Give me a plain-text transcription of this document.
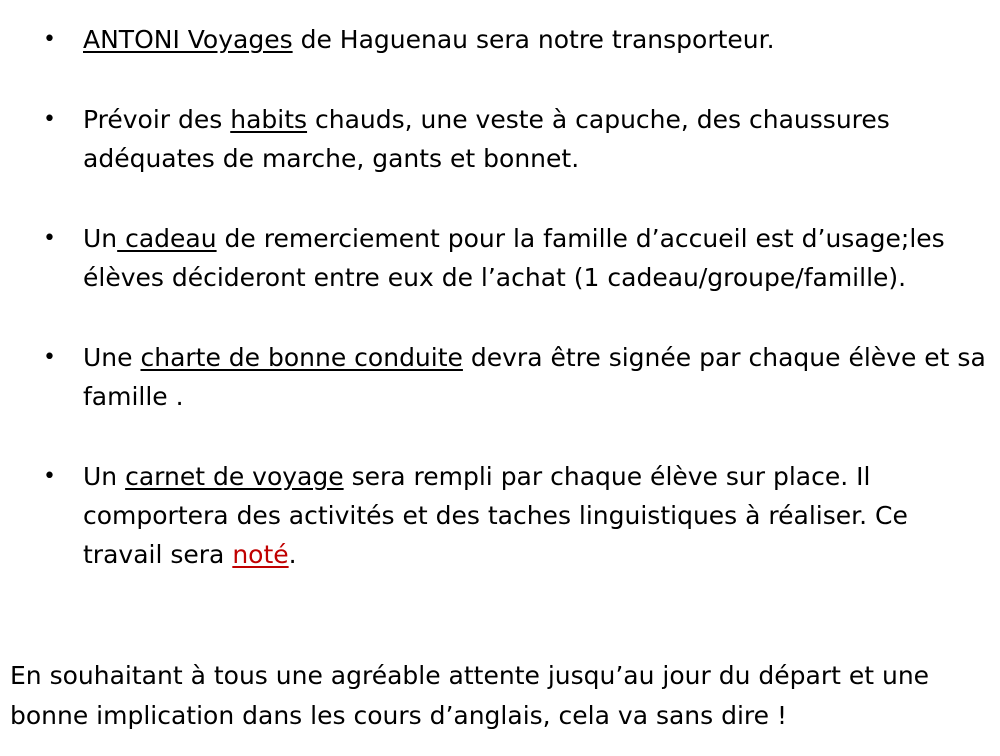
• ANTONI Voyages de Haguenau sera notre transporteur.
• Prévoir des habits chauds, une veste à capuche, des chaussures adéquates de marche, gants et bonnet.
• Un cadeau de remerciement pour la famille d’accueil est d’usage;les élèves décideront entre eux de l’achat (1 cadeau/groupe/famille).
• Une charte de bonne conduite devra être signée par chaque élève et sa famille .
• Un carnet de voyage sera rempli par chaque élève sur place. Il comportera des activités et des taches linguistiques à réaliser. Ce travail sera noté.

En souhaitant à tous une agréable attente jusqu’au jour du départ et une bonne implication dans les cours d’anglais, cela va sans dire !
